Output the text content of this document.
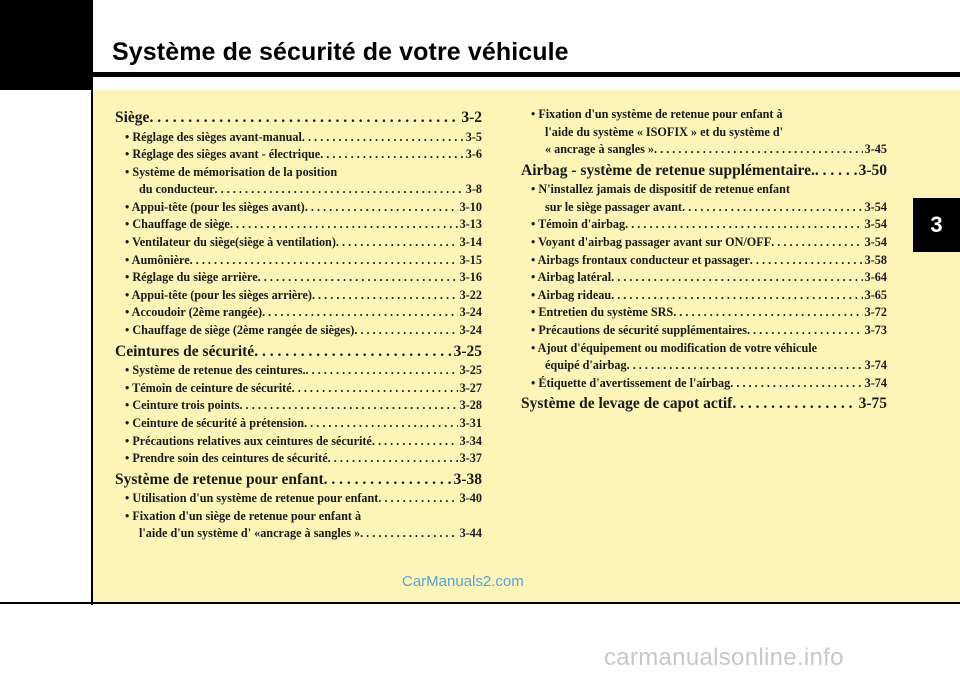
Système de sécurité de votre véhicule
3
Siège . . .	3-2
• Réglage des sièges avant-manual . . .	3-5
• Réglage des sièges avant - électrique . . .	3-6
• Système de mémorisation de la position
du conducteur . . .	3-8
• Appui-tête (pour les sièges avant) . . .	3-10
• Chauffage de siège . . .	3-13
• Ventilateur du siège(siège à ventilation) . . .	3-14
• Aumônière . . .	3-15
• Réglage du siège arrière . . .	3-16
• Appui-tête (pour les sièges arrière) . . .	3-22
• Accoudoir (2ème rangée) . . .	3-24
• Chauffage de siège (2ème rangée de sièges) . . .	3-24
Ceintures de sécurité . . .	3-25
• Système de retenue des ceintures. . . .	3-25
• Témoin de ceinture de sécurité . . .	3-27
• Ceinture trois points . . .	3-28
• Ceinture de sécurité à prétension . . .	3-31
• Précautions relatives aux ceintures de sécurité . . .	3-34
• Prendre soin des ceintures de sécurité . . .	3-37
Système de retenue pour enfant . . .	3-38
• Utilisation d'un système de retenue pour enfant . . .	3-40
• Fixation d'un siège de retenue pour enfant à
l'aide d'un système d' «ancrage à sangles » . . .	3-44
• Fixation d'un système de retenue pour enfant à
l'aide du système « ISOFIX » et du système d'
« ancrage à sangles » . . .	3-45
Airbag - système de retenue supplémentaire. . . .	3-50
• N'installez jamais de dispositif de retenue enfant
sur le siège passager avant . . .	3-54
• Témoin d'airbag . . .	3-54
• Voyant d'airbag passager avant sur ON/OFF . . .	3-54
• Airbags frontaux conducteur et passager . . .	3-58
• Airbag latéral . . .	3-64
• Airbag rideau . . .	3-65
• Entretien du système SRS . . .	3-72
• Précautions de sécurité supplémentaires . . .	3-73
• Ajout d'équipement ou modification de votre véhicule
équipé d'airbag . . .	3-74
• Étiquette d'avertissement de l'airbag . . .	3-74
Système de levage de capot actif . . .	3-75
CarManuals2.com
carmanualsonline.info
